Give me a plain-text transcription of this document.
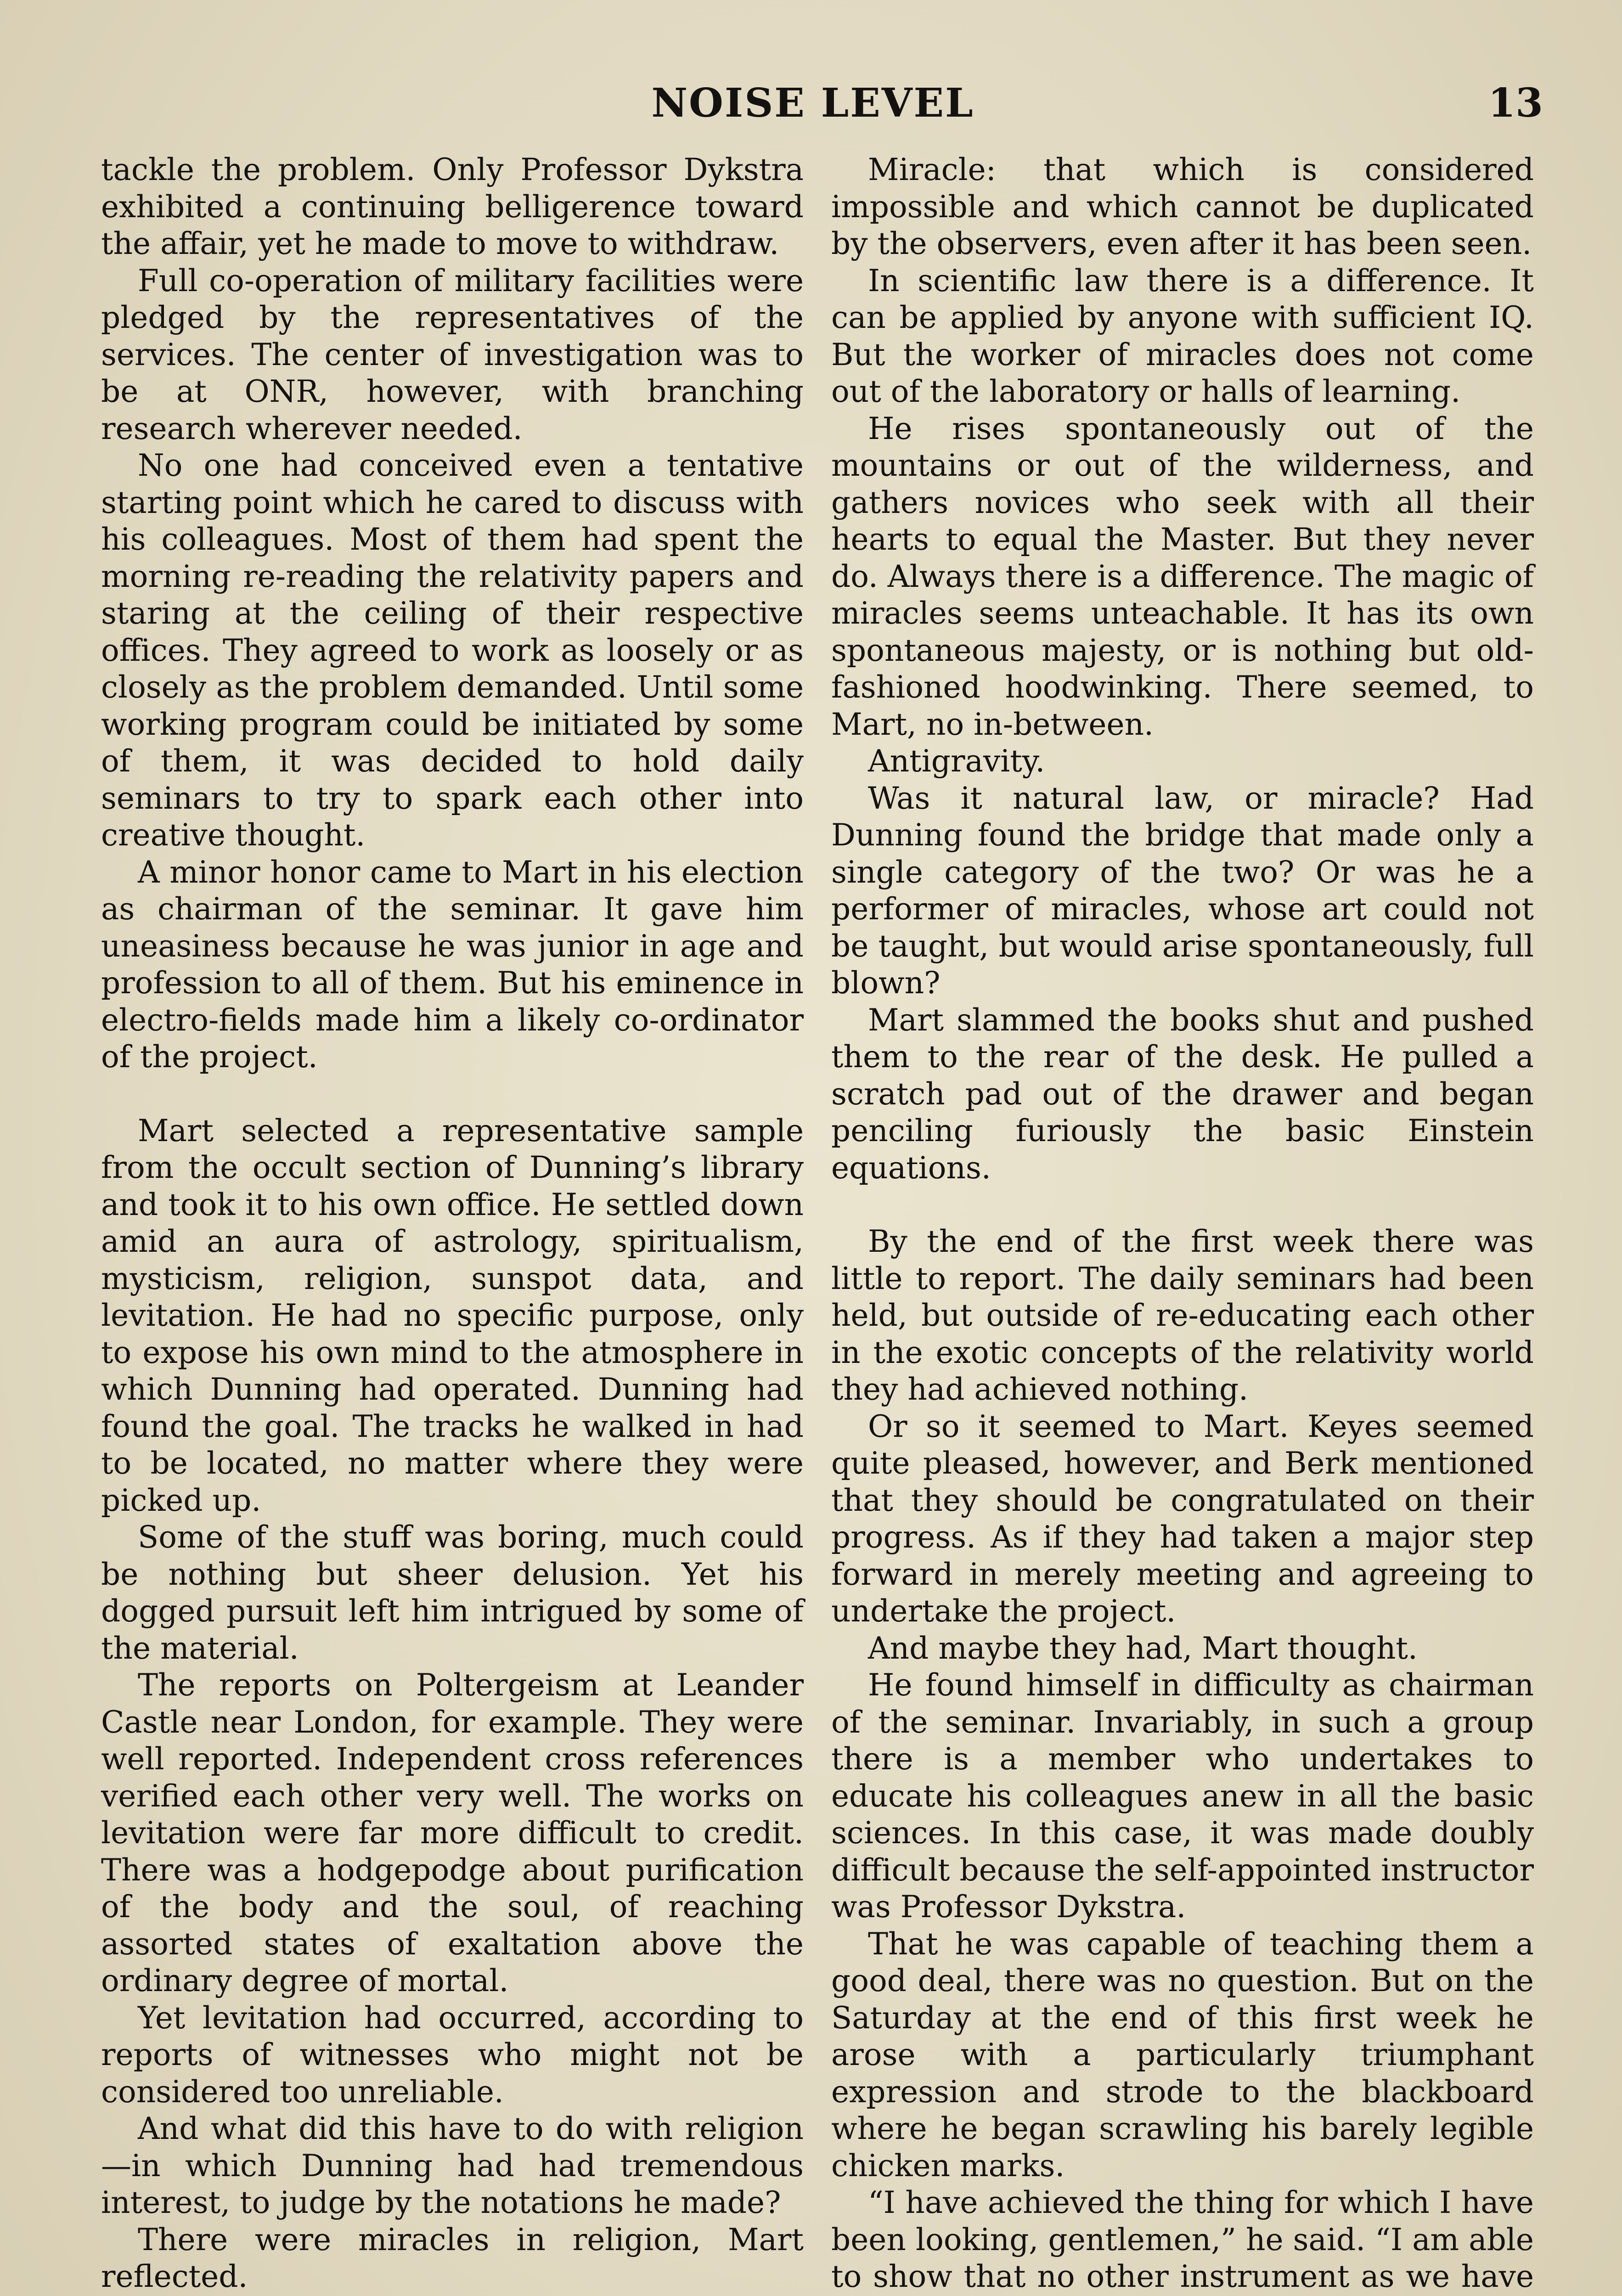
NOISE LEVEL	13

tackle the problem. Only Professor Dykstra exhibited a continuing belligerence toward the affair, yet he made to move to withdraw.

Full co-operation of military facilities were pledged by the representatives of the services. The center of investigation was to be at ONR, however, with branching research wherever needed.

No one had conceived even a tentative starting point which he cared to discuss with his colleagues. Most of them had spent the morning re-reading the relativity papers and staring at the ceiling of their respective offices. They agreed to work as loosely or as closely as the problem demanded. Until some working program could be initiated by some of them, it was decided to hold daily seminars to try to spark each other into creative thought.

A minor honor came to Mart in his election as chairman of the seminar. It gave him uneasiness because he was junior in age and profession to all of them. But his eminence in electro-fields made him a likely co-ordinator of the project.

Mart selected a representative sample from the occult section of Dunning’s library and took it to his own office. He settled down amid an aura of astrology, spiritualism, mysticism, religion, sunspot data, and levitation. He had no specific purpose, only to expose his own mind to the atmosphere in which Dunning had operated. Dunning had found the goal. The tracks he walked in had to be located, no matter where they were picked up.

Some of the stuff was boring, much could be nothing but sheer delusion. Yet his dogged pursuit left him intrigued by some of the material.

The reports on Poltergeism at Leander Castle near London, for example. They were well reported. Independent cross references verified each other very well. The works on levitation were far more difficult to credit. There was a hodgepodge about purification of the body and the soul, of reaching assorted states of exaltation above the ordinary degree of mortal.

Yet levitation had occurred, according to reports of witnesses who might not be considered too unreliable.

And what did this have to do with religion —in which Dunning had had tremendous interest, to judge by the notations he made?

There were miracles in religion, Mart reflected.

Miracle: that which is considered impossible and which cannot be duplicated by the observers, even after it has been seen.

In scientific law there is a difference. It can be applied by anyone with sufficient IQ. But the worker of miracles does not come out of the laboratory or halls of learning.

He rises spontaneously out of the mountains or out of the wilderness, and gathers novices who seek with all their hearts to equal the Master. But they never do. Always there is a difference. The magic of miracles seems unteachable. It has its own spontaneous majesty, or is nothing but old-fashioned hoodwinking. There seemed, to Mart, no in-between.

Antigravity.

Was it natural law, or miracle? Had Dunning found the bridge that made only a single category of the two? Or was he a performer of miracles, whose art could not be taught, but would arise spontaneously, full blown?

Mart slammed the books shut and pushed them to the rear of the desk. He pulled a scratch pad out of the drawer and began penciling furiously the basic Einstein equations.

By the end of the first week there was little to report. The daily seminars had been held, but outside of re-educating each other in the exotic concepts of the relativity world they had achieved nothing.

Or so it seemed to Mart. Keyes seemed quite pleased, however, and Berk mentioned that they should be congratulated on their progress. As if they had taken a major step forward in merely meeting and agreeing to undertake the project.

And maybe they had, Mart thought.

He found himself in difficulty as chairman of the seminar. Invariably, in such a group there is a member who undertakes to educate his colleagues anew in all the basic sciences. In this case, it was made doubly difficult because the self-appointed instructor was Professor Dykstra.

That he was capable of teaching them a good deal, there was no question. But on the Saturday at the end of this first week he arose with a particularly triumphant expression and strode to the blackboard where he began scrawling his barely legible chicken marks.

“I have achieved the thing for which I have been looking, gentlemen,” he said. “I am able to show that no other instrument as we have
